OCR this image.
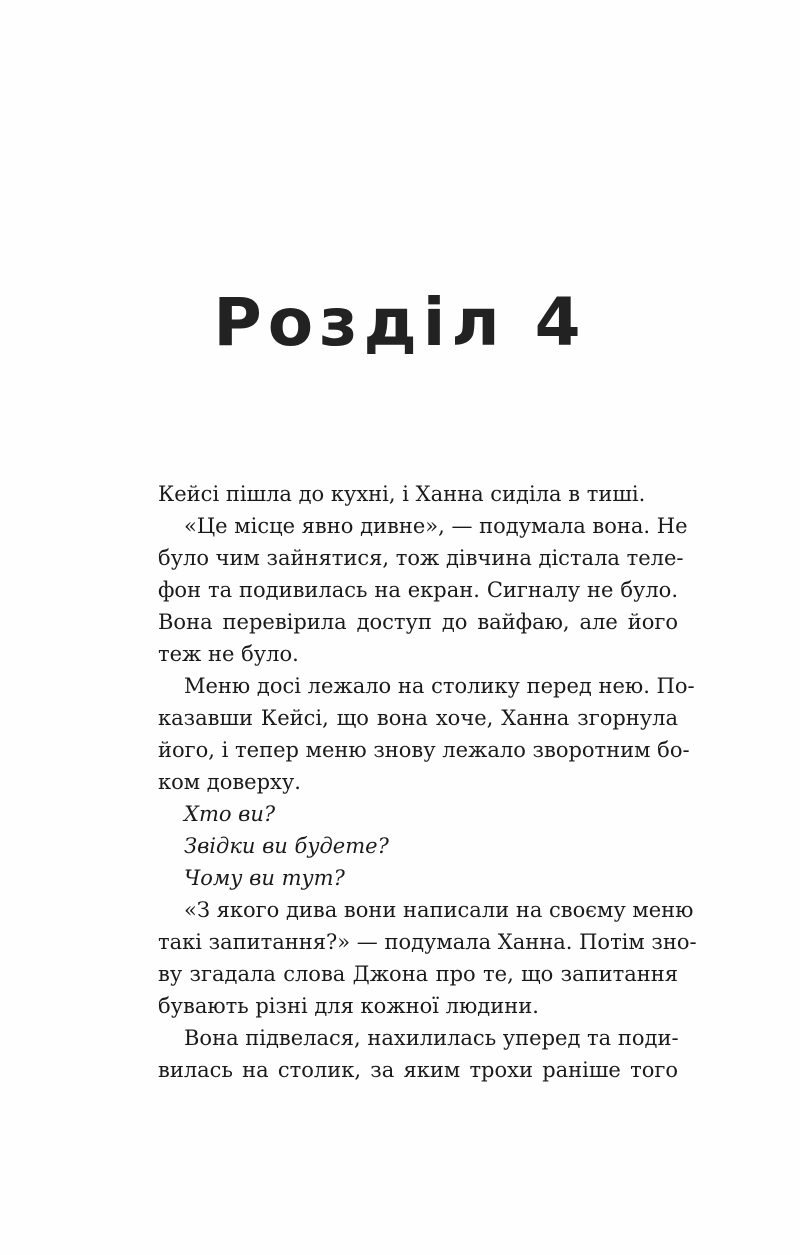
Розділ 4
Кейсі пішла до кухні, і Ханна сиділа в тиші.
«Це місце явно дивне», — подумала вона. Не
було чим зайнятися, тож дівчина дістала теле-
фон та подивилась на екран. Сигналу не було.
Вона перевірила доступ до вайфаю, але його
теж не було.
Меню досі лежало на столику перед нею. По-
казавши Кейсі, що вона хоче, Ханна згорнула
його, і тепер меню знову лежало зворотним бо-
ком доверху.
Хто ви?
Звідки ви будете?
Чому ви тут?
«З якого дива вони написали на своєму меню
такі запитання?» — подумала Ханна. Потім зно-
ву згадала слова Джона про те, що запитання
бувають різні для кожної людини.
Вона підвелася, нахилилась уперед та поди-
вилась на столик, за яким трохи раніше того
